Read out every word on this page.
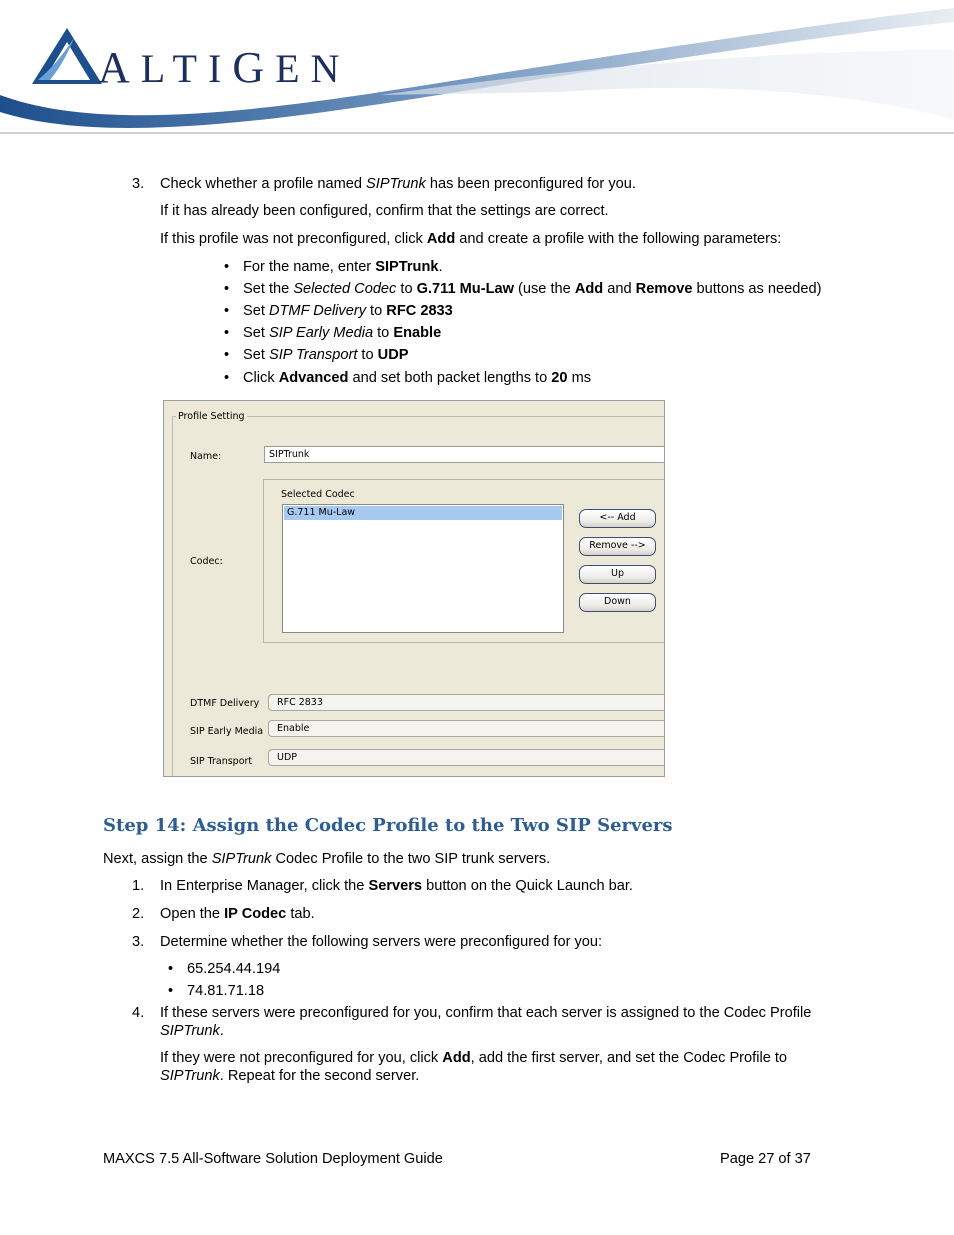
ALTIGEN
3. Check whether a profile named SIPTrunk has been preconfigured for you.
If it has already been configured, confirm that the settings are correct.
If this profile was not preconfigured, click Add and create a profile with the following parameters:
• For the name, enter SIPTrunk.
• Set the Selected Codec to G.711 Mu-Law (use the Add and Remove buttons as needed)
• Set DTMF Delivery to RFC 2833
• Set SIP Early Media to Enable
• Set SIP Transport to UDP
• Click Advanced and set both packet lengths to 20 ms
Profile Setting
Name:	SIPTrunk
Selected Codec
Codec:
G.711 Mu-Law	<-- Add
Remove -->
Up
Down
DTMF Delivery	RFC 2833
SIP Early Media	Enable
SIP Transport	UDP
Step 14: Assign the Codec Profile to the Two SIP Servers
Next, assign the SIPTrunk Codec Profile to the two SIP trunk servers.
1. In Enterprise Manager, click the Servers button on the Quick Launch bar.
2. Open the IP Codec tab.
3. Determine whether the following servers were preconfigured for you:
• 65.254.44.194
• 74.81.71.18
4. If these servers were preconfigured for you, confirm that each server is assigned to the Codec Profile
SIPTrunk.
If they were not preconfigured for you, click Add, add the first server, and set the Codec Profile to
SIPTrunk. Repeat for the second server.
MAXCS 7.5 All-Software Solution Deployment Guide	Page 27 of 37
